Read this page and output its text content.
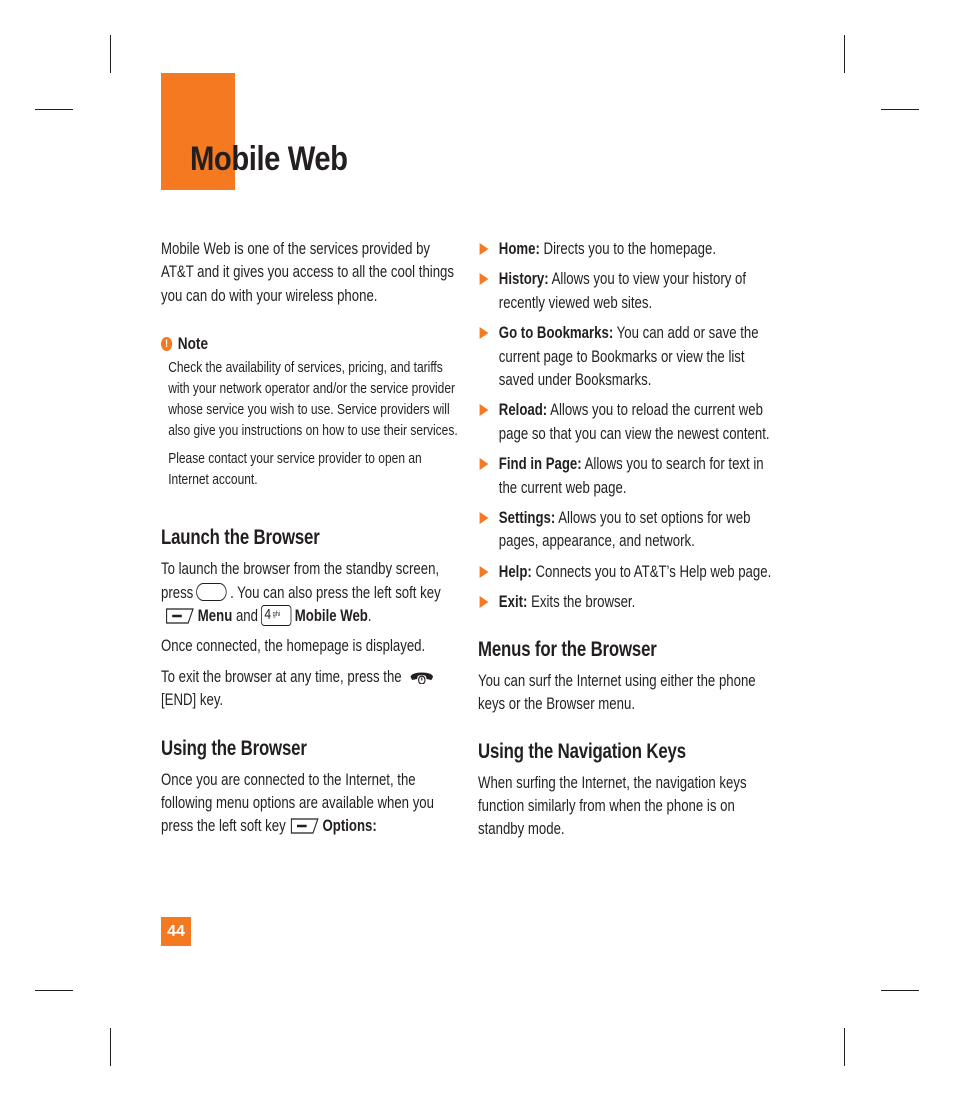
Mobile Web

Mobile Web is one of the services provided by AT&T and it gives you access to all the cool things you can do with your wireless phone.

! Note

Check the availability of services, pricing, and tariffs with your network operator and/or the service provider whose service you wish to use. Service providers will also give you instructions on how to use their services.

Please contact your service provider to open an Internet account.

Launch the Browser

To launch the browser from the standby screen, press . You can also press the left soft key
Menu and 4 ghi Mobile Web.

Once connected, the homepage is displayed.

To exit the browser at any time, press the
[END] key.

Using the Browser

Once you are connected to the Internet, the following menu options are available when you press the left soft key Options:

Home: Directs you to the homepage.
History: Allows you to view your history of recently viewed web sites.
Go to Bookmarks: You can add or save the current page to Bookmarks or view the list saved under Booksmarks.
Reload: Allows you to reload the current web page so that you can view the newest content.
Find in Page: Allows you to search for text in the current web page.
Settings: Allows you to set options for web pages, appearance, and network.
Help: Connects you to AT&T’s Help web page.
Exit: Exits the browser.
Menus for the Browser

You can surf the Internet using either the phone keys or the Browser menu.

Using the Navigation Keys

When surfing the Internet, the navigation keys function similarly from when the phone is on standby mode.

44
